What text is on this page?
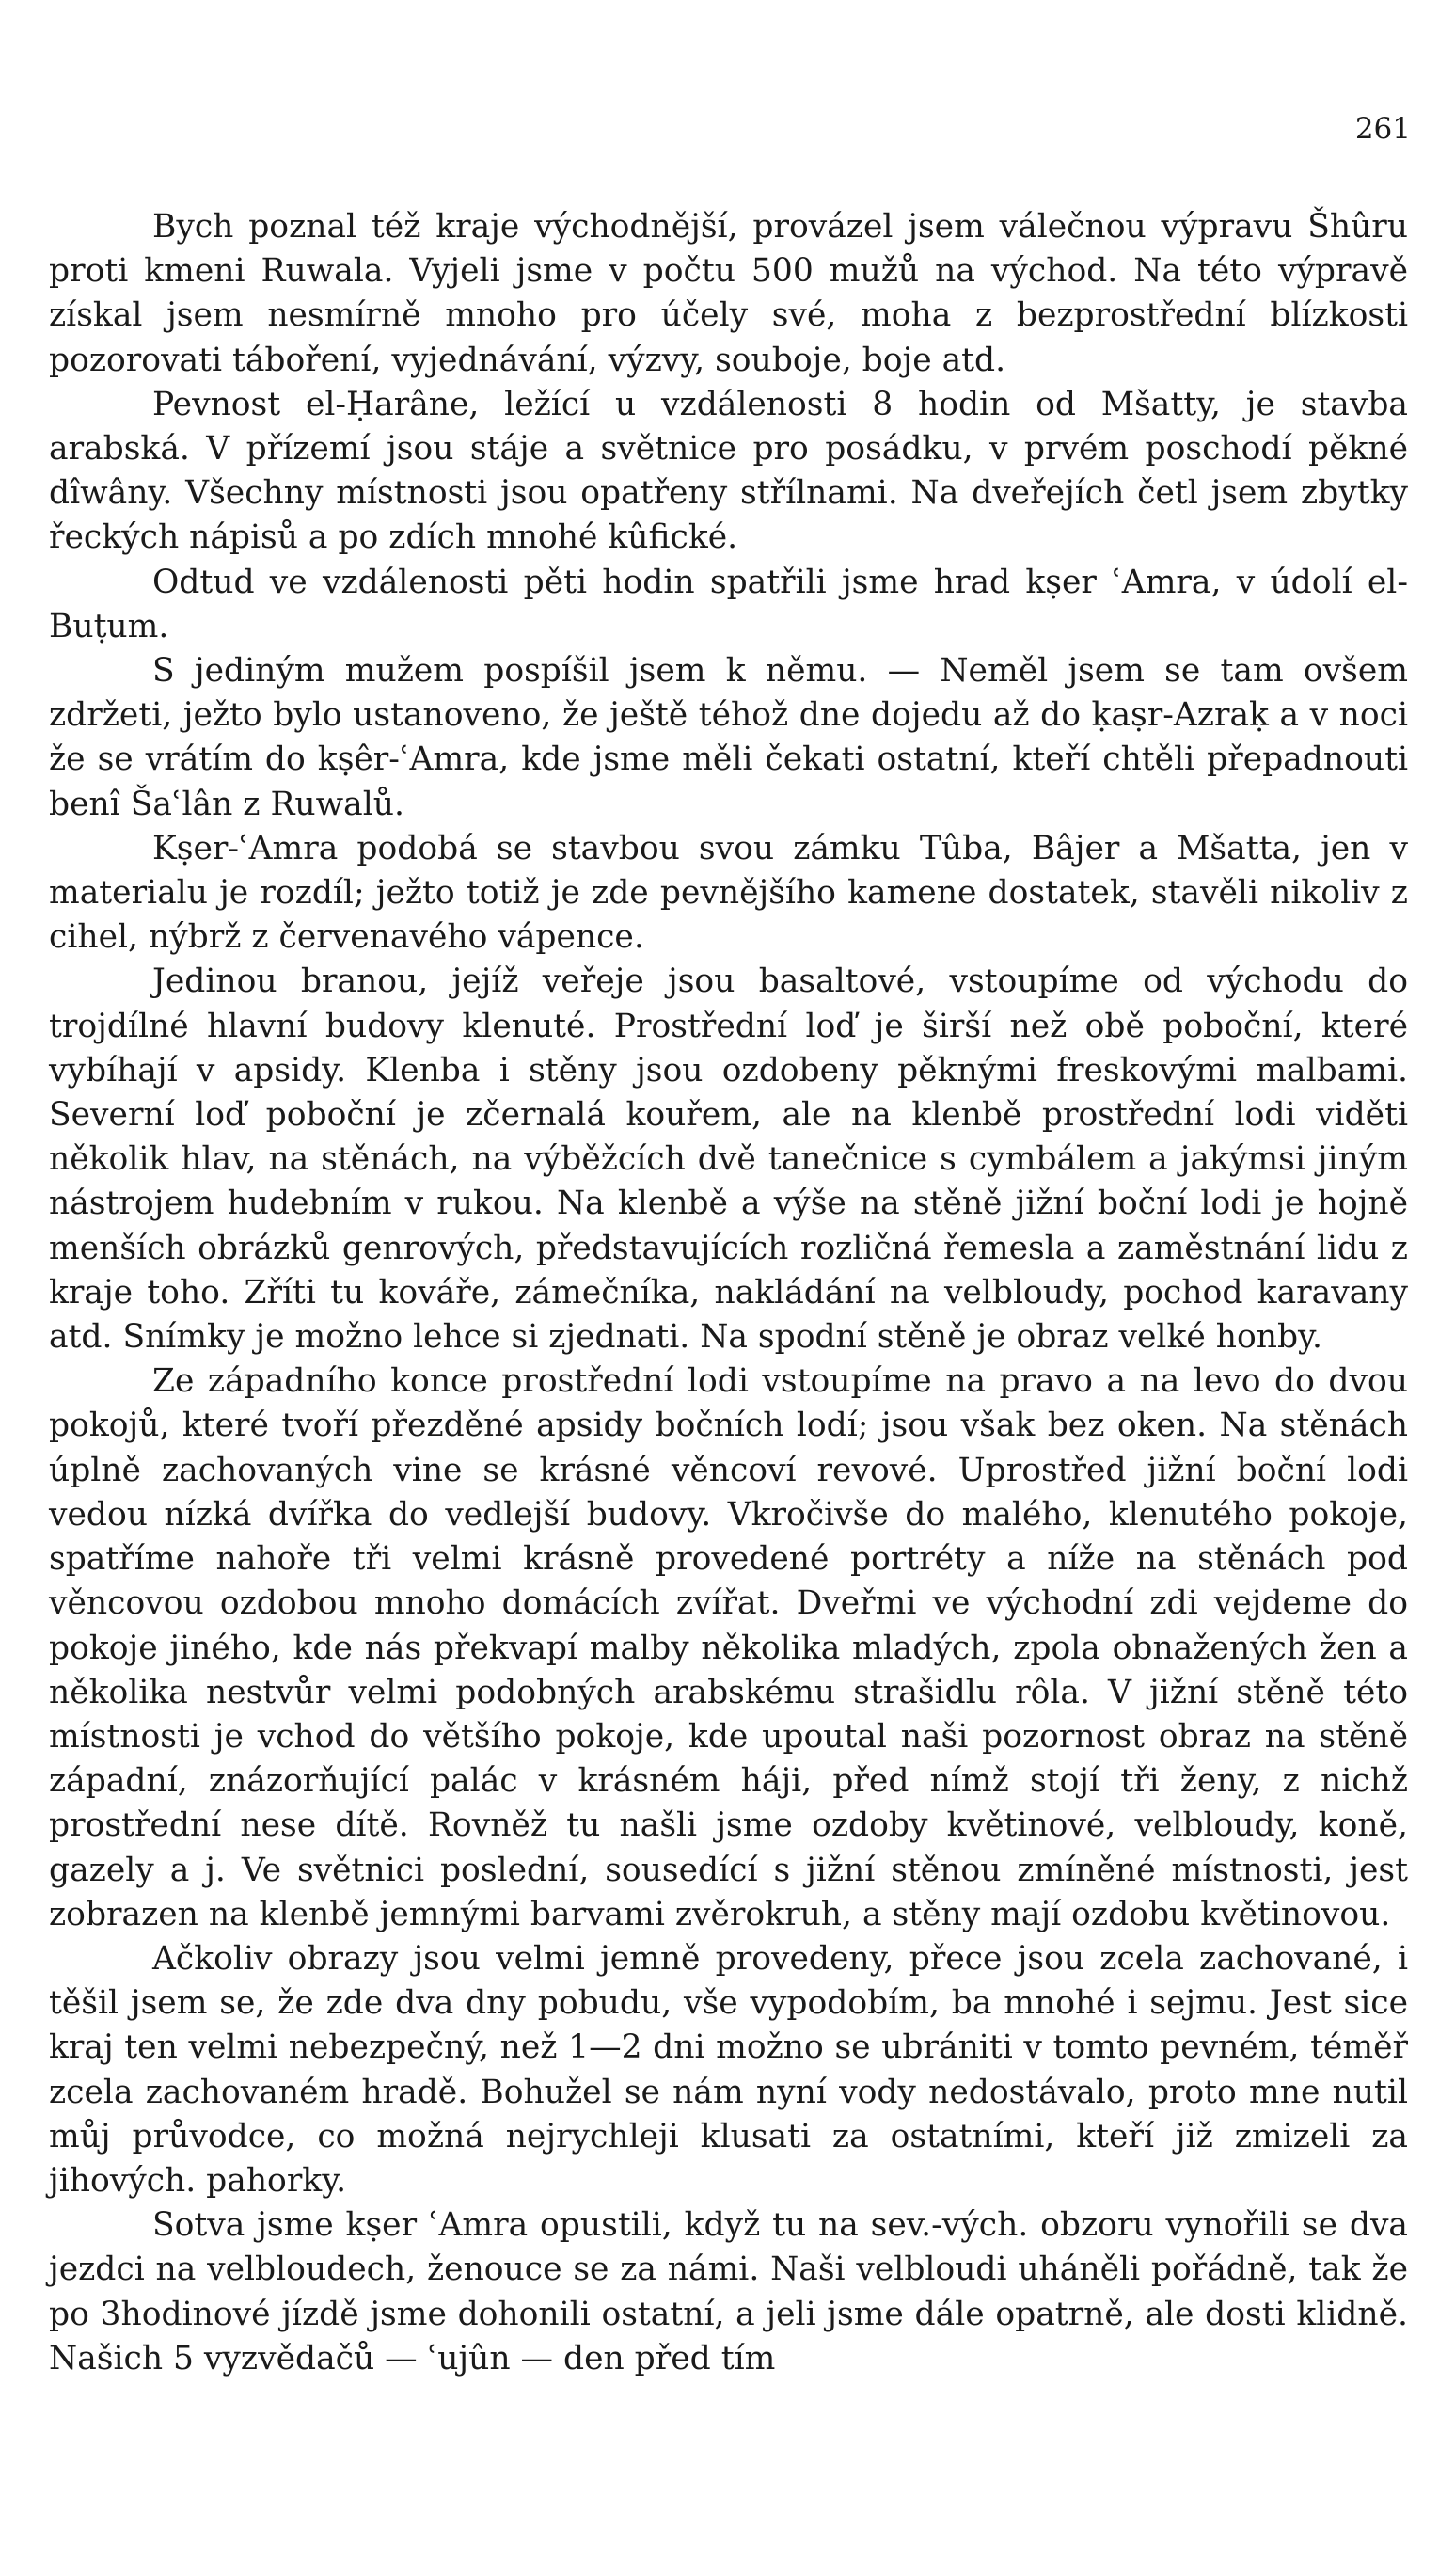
261

Bych poznal též kraje východnější, provázel jsem válečnou výpravu Šhûru proti kmeni Ruwala. Vyjeli jsme v počtu 500 mužů na východ. Na této výpravě získal jsem nesmírně mnoho pro účely své, moha z bezprostřední blízkosti pozorovati táboření, vyjednávání, výzvy, souboje, boje atd.

Pevnost el-Ḥarâne, ležící u vzdálenosti 8 hodin od Mšatty, je stavba arabská. V přízemí jsou stáje a světnice pro posádku, v prvém poschodí pěkné dîwâny. Všechny místnosti jsou opatřeny střílnami. Na dveřejích četl jsem zbytky řeckých nápisů a po zdích mnohé kûfické.

Odtud ve vzdálenosti pěti hodin spatřili jsme hrad kṣer ʿAmra, v údolí el-Buṭum.

S jediným mužem pospíšil jsem k němu. — Neměl jsem se tam ovšem zdržeti, ježto bylo ustanoveno, že ještě téhož dne dojedu až do ḳaṣr-Azraḳ a v noci že se vrátím do kṣêr-ʿAmra, kde jsme měli čekati ostatní, kteří chtěli přepadnouti benî Šaʿlân z Ruwalů.

Kṣer-ʿAmra podobá se stavbou svou zámku Tûba, Bâjer a Mšatta, jen v materialu je rozdíl; ježto totiž je zde pevnějšího kamene dostatek, stavěli nikoliv z cihel, nýbrž z červenavého vápence.

Jedinou branou, jejíž veřeje jsou basaltové, vstoupíme od východu do trojdílné hlavní budovy klenuté. Prostřední loď je širší než obě poboční, které vybíhají v apsidy. Klenba i stěny jsou ozdobeny pěknými freskovými malbami. Severní loď poboční je zčernalá kouřem, ale na klenbě prostřední lodi viděti několik hlav, na stěnách, na výběžcích dvě tanečnice s cymbálem a jakýmsi jiným nástrojem hudebním v rukou. Na klenbě a výše na stěně jižní boční lodi je hojně menších obrázků genrových, představujících rozličná řemesla a zaměstnání lidu z kraje toho. Zříti tu kováře, zámečníka, nakládání na velbloudy, pochod karavany atd. Snímky je možno lehce si zjednati. Na spodní stěně je obraz velké honby.

Ze západního konce prostřední lodi vstoupíme na pravo a na levo do dvou pokojů, které tvoří přezděné apsidy bočních lodí; jsou však bez oken. Na stěnách úplně zachovaných vine se krásné věncoví revové. Uprostřed jižní boční lodi vedou nízká dvířka do vedlejší budovy. Vkročivše do malého, klenutého pokoje, spatříme nahoře tři velmi krásně provedené portréty a níže na stěnách pod věncovou ozdobou mnoho domácích zvířat. Dveřmi ve východní zdi vejdeme do pokoje jiného, kde nás překvapí malby několika mladých, zpola obnažených žen a několika nestvůr velmi podobných arabskému strašidlu rôla. V jižní stěně této místnosti je vchod do většího pokoje, kde upoutal naši pozornost obraz na stěně západní, znázorňující palác v krásném háji, před nímž stojí tři ženy, z nichž prostřední nese dítě. Rovněž tu našli jsme ozdoby květinové, velbloudy, koně, gazely a j. Ve světnici poslední, sousedící s jižní stěnou zmíněné místnosti, jest zobrazen na klenbě jemnými barvami zvěrokruh, a stěny mají ozdobu květinovou.

Ačkoliv obrazy jsou velmi jemně provedeny, přece jsou zcela zachované, i těšil jsem se, že zde dva dny pobudu, vše vypodobím, ba mnohé i sejmu. Jest sice kraj ten velmi nebezpečný, než 1—2 dni možno se ubrániti v tomto pevném, téměř zcela zachovaném hradě. Bohužel se nám nyní vody nedostávalo, proto mne nutil můj průvodce, co možná nejrychleji klusati za ostatními, kteří již zmizeli za jihových. pahorky.

Sotva jsme kṣer ʿAmra opustili, když tu na sev.-vých. obzoru vynořili se dva jezdci na velbloudech, ženouce se za námi. Naši velbloudi uháněli pořádně, tak že po 3hodinové jízdě jsme dohonili ostatní, a jeli jsme dále opatrně, ale dosti klidně. Našich 5 vyzvědačů — ʿujûn — den před tím
